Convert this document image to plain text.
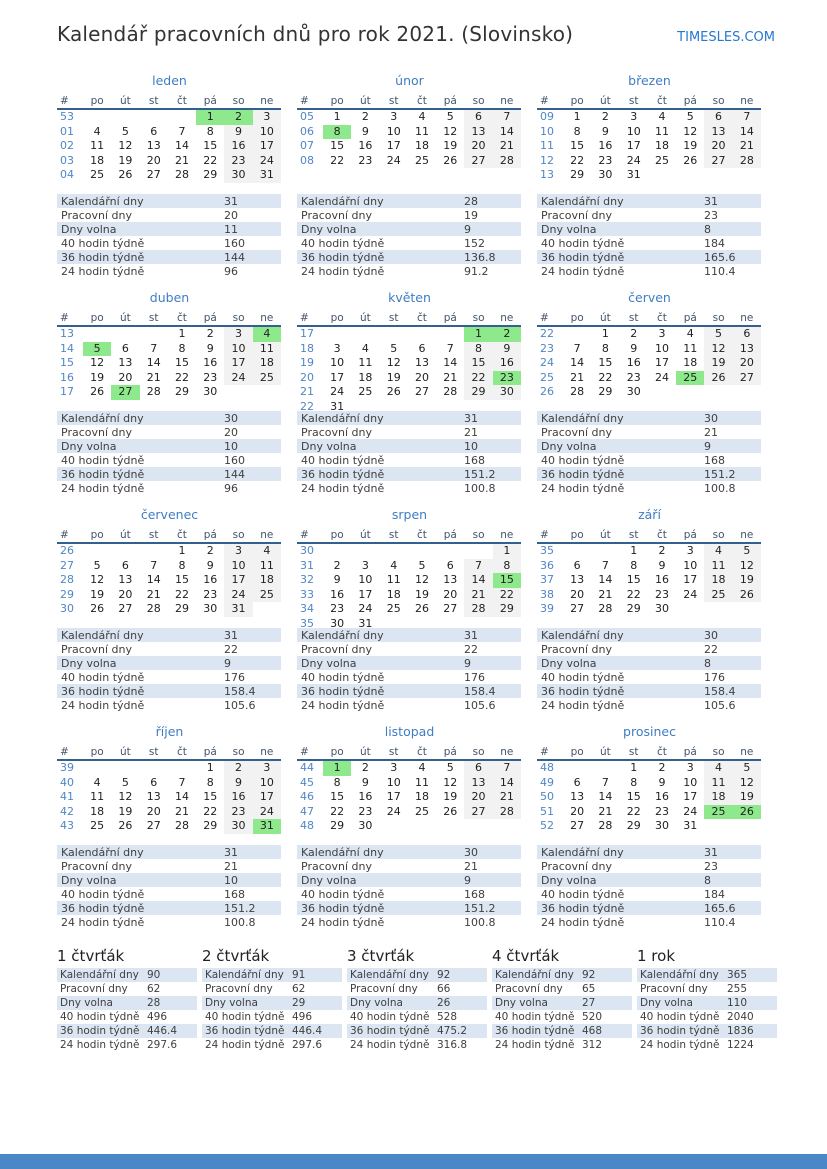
Kalendář pracovních dnů pro rok 2021. (Slovinsko)	TIMESLES.COM
leden
#	po	út	st	čt	pá	so	ne
53					1	2	3
01	4	5	6	7	8	9	10
02	11	12	13	14	15	16	17
03	18	19	20	21	22	23	24
04	25	26	27	28	29	30	31
Kalendářní dny	31
Pracovní dny	20
Dny volna	11
40 hodin týdně	160
36 hodin týdně	144
24 hodin týdně	96
únor
#	po	út	st	čt	pá	so	ne
05	1	2	3	4	5	6	7
06	8	9	10	11	12	13	14
07	15	16	17	18	19	20	21
08	22	23	24	25	26	27	28
Kalendářní dny	28
Pracovní dny	19
Dny volna	9
40 hodin týdně	152
36 hodin týdně	136.8
24 hodin týdně	91.2
březen
#	po	út	st	čt	pá	so	ne
09	1	2	3	4	5	6	7
10	8	9	10	11	12	13	14
11	15	16	17	18	19	20	21
12	22	23	24	25	26	27	28
13	29	30	31				
Kalendářní dny	31
Pracovní dny	23
Dny volna	8
40 hodin týdně	184
36 hodin týdně	165.6
24 hodin týdně	110.4
duben
#	po	út	st	čt	pá	so	ne
13				1	2	3	4
14	5	6	7	8	9	10	11
15	12	13	14	15	16	17	18
16	19	20	21	22	23	24	25
17	26	27	28	29	30		
Kalendářní dny	30
Pracovní dny	20
Dny volna	10
40 hodin týdně	160
36 hodin týdně	144
24 hodin týdně	96
květen
#	po	út	st	čt	pá	so	ne
17						1	2
18	3	4	5	6	7	8	9
19	10	11	12	13	14	15	16
20	17	18	19	20	21	22	23
21	24	25	26	27	28	29	30
22	31						
Kalendářní dny	31
Pracovní dny	21
Dny volna	10
40 hodin týdně	168
36 hodin týdně	151.2
24 hodin týdně	100.8
červen
#	po	út	st	čt	pá	so	ne
22		1	2	3	4	5	6
23	7	8	9	10	11	12	13
24	14	15	16	17	18	19	20
25	21	22	23	24	25	26	27
26	28	29	30				
Kalendářní dny	30
Pracovní dny	21
Dny volna	9
40 hodin týdně	168
36 hodin týdně	151.2
24 hodin týdně	100.8
červenec
#	po	út	st	čt	pá	so	ne
26				1	2	3	4
27	5	6	7	8	9	10	11
28	12	13	14	15	16	17	18
29	19	20	21	22	23	24	25
30	26	27	28	29	30	31	
Kalendářní dny	31
Pracovní dny	22
Dny volna	9
40 hodin týdně	176
36 hodin týdně	158.4
24 hodin týdně	105.6
srpen
#	po	út	st	čt	pá	so	ne
30							1
31	2	3	4	5	6	7	8
32	9	10	11	12	13	14	15
33	16	17	18	19	20	21	22
34	23	24	25	26	27	28	29
35	30	31					
Kalendářní dny	31
Pracovní dny	22
Dny volna	9
40 hodin týdně	176
36 hodin týdně	158.4
24 hodin týdně	105.6
září
#	po	út	st	čt	pá	so	ne
35			1	2	3	4	5
36	6	7	8	9	10	11	12
37	13	14	15	16	17	18	19
38	20	21	22	23	24	25	26
39	27	28	29	30			
Kalendářní dny	30
Pracovní dny	22
Dny volna	8
40 hodin týdně	176
36 hodin týdně	158.4
24 hodin týdně	105.6
říjen
#	po	út	st	čt	pá	so	ne
39					1	2	3
40	4	5	6	7	8	9	10
41	11	12	13	14	15	16	17
42	18	19	20	21	22	23	24
43	25	26	27	28	29	30	31
Kalendářní dny	31
Pracovní dny	21
Dny volna	10
40 hodin týdně	168
36 hodin týdně	151.2
24 hodin týdně	100.8
listopad
#	po	út	st	čt	pá	so	ne
44	1	2	3	4	5	6	7
45	8	9	10	11	12	13	14
46	15	16	17	18	19	20	21
47	22	23	24	25	26	27	28
48	29	30					
Kalendářní dny	30
Pracovní dny	21
Dny volna	9
40 hodin týdně	168
36 hodin týdně	151.2
24 hodin týdně	100.8
prosinec
#	po	út	st	čt	pá	so	ne
48			1	2	3	4	5
49	6	7	8	9	10	11	12
50	13	14	15	16	17	18	19
51	20	21	22	23	24	25	26
52	27	28	29	30	31		
Kalendářní dny	31
Pracovní dny	23
Dny volna	8
40 hodin týdně	184
36 hodin týdně	165.6
24 hodin týdně	110.4
1 čtvrťák
Kalendářní dny	90
Pracovní dny	62
Dny volna	28
40 hodin týdně	496
36 hodin týdně	446.4
24 hodin týdně	297.6
2 čtvrťák
Kalendářní dny	91
Pracovní dny	62
Dny volna	29
40 hodin týdně	496
36 hodin týdně	446.4
24 hodin týdně	297.6
3 čtvrťák
Kalendářní dny	92
Pracovní dny	66
Dny volna	26
40 hodin týdně	528
36 hodin týdně	475.2
24 hodin týdně	316.8
4 čtvrťák
Kalendářní dny	92
Pracovní dny	65
Dny volna	27
40 hodin týdně	520
36 hodin týdně	468
24 hodin týdně	312
1 rok
Kalendářní dny	365
Pracovní dny	255
Dny volna	110
40 hodin týdně	2040
36 hodin týdně	1836
24 hodin týdně	1224
